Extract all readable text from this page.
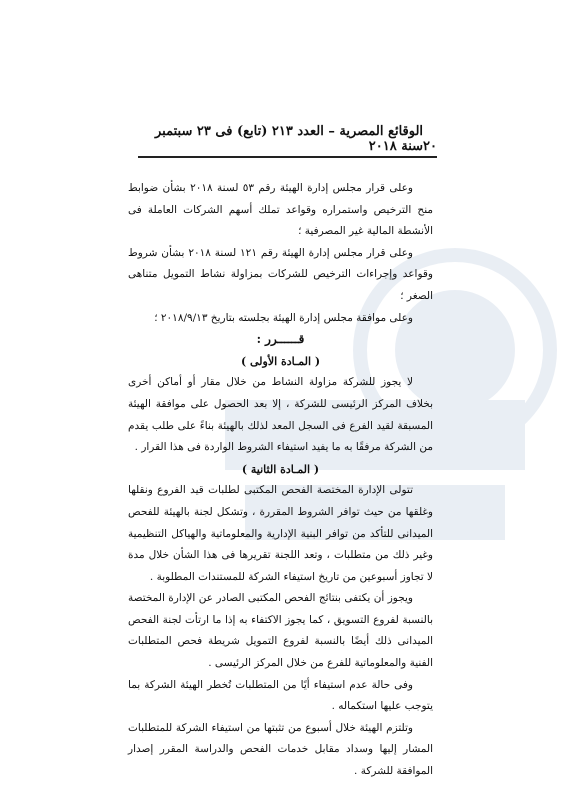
٢٠
الوقائع المصرية – العدد ٢١٣ (تابع) فى ٢٣ سبتمبر سنة ٢٠١٨

وعلى قرار مجلس إدارة الهيئة رقم ٥٣ لسنة ٢٠١٨ بشأن ضوابط منح الترخيص واستمراره وقواعد تملك أسهم الشركات العاملة فى الأنشطة المالية غير المصرفية ؛

وعلى قرار مجلس إدارة الهيئة رقم ١٢١ لسنة ٢٠١٨ بشأن شروط وقواعد وإجراءات الترخيص للشركات بمزاولة نشاط التمويل متناهى الصغر ؛

وعلى موافقة مجلس إدارة الهيئة بجلسته بتاريخ ٢٠١٨/٩/١٣ ؛

قــــــرر :

( المـادة الأولى )

لا يجوز للشركة مزاولة النشاط من خلال مقار أو أماكن أخرى بخلاف المركز الرئيسى للشركة ، إلا بعد الحصول على موافقة الهيئة المسبقة لقيد الفرع فى السجل المعد لذلك بالهيئة بناءً على طلب يقدم من الشركة مرفقًا به ما يفيد استيفاء الشروط الواردة فى هذا القرار .

( المـادة الثانية )

تتولى الإدارة المختصة الفحص المكتبى لطلبات قيد الفروع ونقلها وغلقها من حيث توافر الشروط المقررة ، وتشكل لجنة بالهيئة للفحص الميدانى للتأكد من توافر البنية الإدارية والمعلوماتية والهياكل التنظيمية وغير ذلك من متطلبات ، وتعد اللجنة تقريرها فى هذا الشأن خلال مدة لا تجاوز أسبوعين من تاريخ استيفاء الشركة للمستندات المطلوبة .

ويجوز أن يكتفى بنتائج الفحص المكتبى الصادر عن الإدارة المختصة بالنسبة لفروع التسويق ، كما يجوز الاكتفاء به إذا ما ارتأت لجنة الفحص الميدانى ذلك أيضًا بالنسبة لفروع التمويل شريطة فحص المتطلبات الفنية والمعلوماتية للفرع من خلال المركز الرئيسى .

وفى حالة عدم استيفاء أيًا من المتطلبات تُخطر الهيئة الشركة بما يتوجب عليها استكماله .

وتلتزم الهيئة خلال أسبوع من تثبتها من استيفاء الشركة للمتطلبات المشار إليها وسداد مقابل خدمات الفحص والدراسة المقرر إصدار الموافقة للشركة .
